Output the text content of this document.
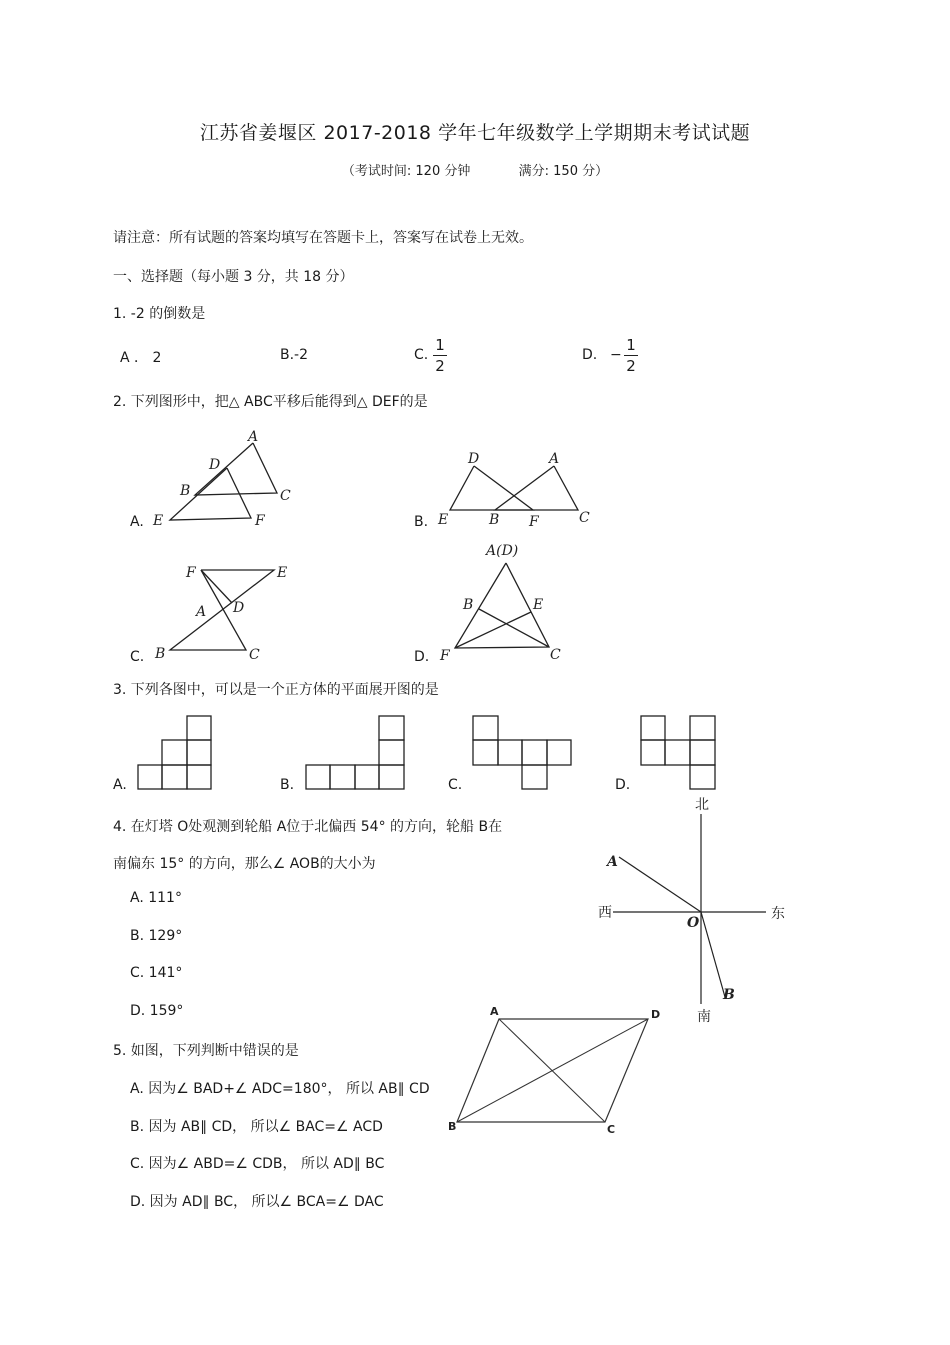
江苏省姜堰区 2017-2018 学年七年级数学上学期期末考试试题
（考试时间: 120 分钟	满分: 150 分）
请注意：所有试题的答案均填写在答题卡上，答案写在试卷上无效。
一、选择题（每小题 3 分，共 18 分）
1. -2 的倒数是
A ． 2	B.-2	C.
1
2
D. −
1
2
2. 下列图形中，把△ ABC平移后能得到△ DEF的是
A.
A
D
B	C
E	F	B.
D	A
E	B F	C
C.
F	E
A D
B	C	D.
A(D)
B	E
F	C
3. 下列各图中，可以是一个正方体的平面展开图的是
A.	B.	C.	D.
4. 在灯塔 O处观测到轮船 A位于北偏西 54° 的方向，轮船 B在
南偏东 15° 的方向，那么∠ AOB的大小为
A. 111°
B. 129°
C. 141°
D. 159°
北
南
西	东
O
A
B
5. 如图，下列判断中错误的是
A. 因为∠ BAD+∠ ADC=180°， 所以 AB∥ CD
B. 因为 AB∥ CD， 所以∠ BAC=∠ ACD
C. 因为∠ ABD=∠ CDB， 所以 AD∥ BC
D. 因为 AD∥ BC， 所以∠ BCA=∠ DAC
A	D
B	C
